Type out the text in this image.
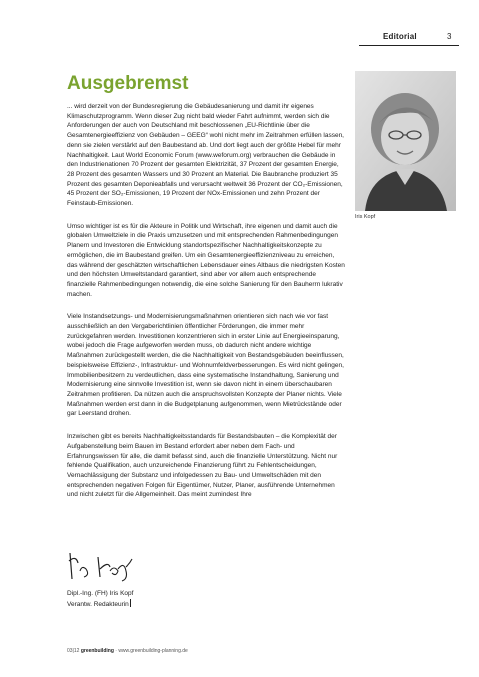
Editorial	3
Ausgebremst

... wird derzeit von der Bundesregierung die Gebäudesanierung und damit ihr eigenes Klimaschutzprogramm. Wenn dieser Zug nicht bald wieder Fahrt aufnimmt, werden sich die Anforderungen der auch von Deutschland mit beschlossenen „EU-Richtlinie über die Gesamtenergieeffizienz von Gebäuden – GEEG“ wohl nicht mehr im Zeitrahmen erfüllen lassen, denn sie zielen verstärkt auf den Baubestand ab. Und dort liegt auch der größte Hebel für mehr Nachhaltigkeit. Laut World Economic Forum (www.weforum.org) verbrauchen die Gebäude in den Industrienationen 70 Prozent der gesamten Elektrizität, 37 Prozent der gesamten Energie, 28 Prozent des gesamten Wassers und 30 Prozent an Material. Die Baubranche produziert 35 Prozent des gesamten Deponieabfalls und verursacht weltweit 36 Prozent der CO₂-Emissionen, 45 Prozent der SO₂-Emissionen, 19 Prozent der NOx-Emissionen und zehn Prozent der Feinstaub-Emissionen.

Umso wichtiger ist es für die Akteure in Politik und Wirtschaft, ihre eigenen und damit auch die globalen Umweltziele in die Praxis umzusetzen und mit entsprechenden Rahmenbedingungen Planern und Investoren die Entwicklung standortspezifischer Nachhaltigkeitskonzepte zu ermöglichen, die im Baubestand greifen. Um ein Gesamtenergieeffizienzniveau zu erreichen, das während der geschätzten wirtschaftlichen Lebensdauer eines Altbaus die niedrigsten Kosten und den höchsten Umweltstandard garantiert, sind aber vor allem auch entsprechende finanzielle Rahmenbedingungen notwendig, die eine solche Sanierung für den Bauherrn lukrativ machen.

Viele Instandsetzungs- und Modernisierungsmaßnahmen orientieren sich nach wie vor fast ausschließlich an den Vergaberichtlinien öffentlicher Förderungen, die immer mehr zurückgefahren werden. Investitionen konzentrieren sich in erster Linie auf Energieeinsparung, wobei jedoch die Frage aufgeworfen werden muss, ob dadurch nicht andere wichtige Maßnahmen zurückgestellt werden, die die Nachhaltigkeit von Bestandsgebäuden beeinflussen, beispielsweise Effizienz-, Infrastruktur- und Wohnumfeldverbesserungen. Es wird nicht gelingen, Immobilienbesitzern zu verdeutlichen, dass eine systematische Instandhaltung, Sanierung und Modernisierung eine sinnvolle Investition ist, wenn sie davon nicht in einem überschaubaren Zeitrahmen profitieren. Da nützen auch die anspruchsvollsten Konzepte der Planer nichts. Viele Maßnahmen werden erst dann in die Budgetplanung aufgenommen, wenn Mietrückstände oder gar Leerstand drohen.

Inzwischen gibt es bereits Nachhaltigkeitsstandards für Bestandsbauten – die Komplexität der Aufgabenstellung beim Bauen im Bestand erfordert aber neben dem Fach- und Erfahrungswissen für alle, die damit befasst sind, auch die finanzielle Unterstützung. Nicht nur fehlende Qualifikation, auch unzureichende Finanzierung führt zu Fehlentscheidungen, Vernachlässigung der Substanz und infolgedessen zu Bau- und Umweltschäden mit den entsprechenden negativen Folgen für Eigentümer, Nutzer, Planer, ausführende Unternehmen und nicht zuletzt für die Allgemeinheit. Das meint zumindest Ihre

Iris Kopf
Dipl.-Ing. (FH) Iris Kopf
Verantw. Redakteurin
03|12 greenbuilding · www.greenbuilding-planning.de
